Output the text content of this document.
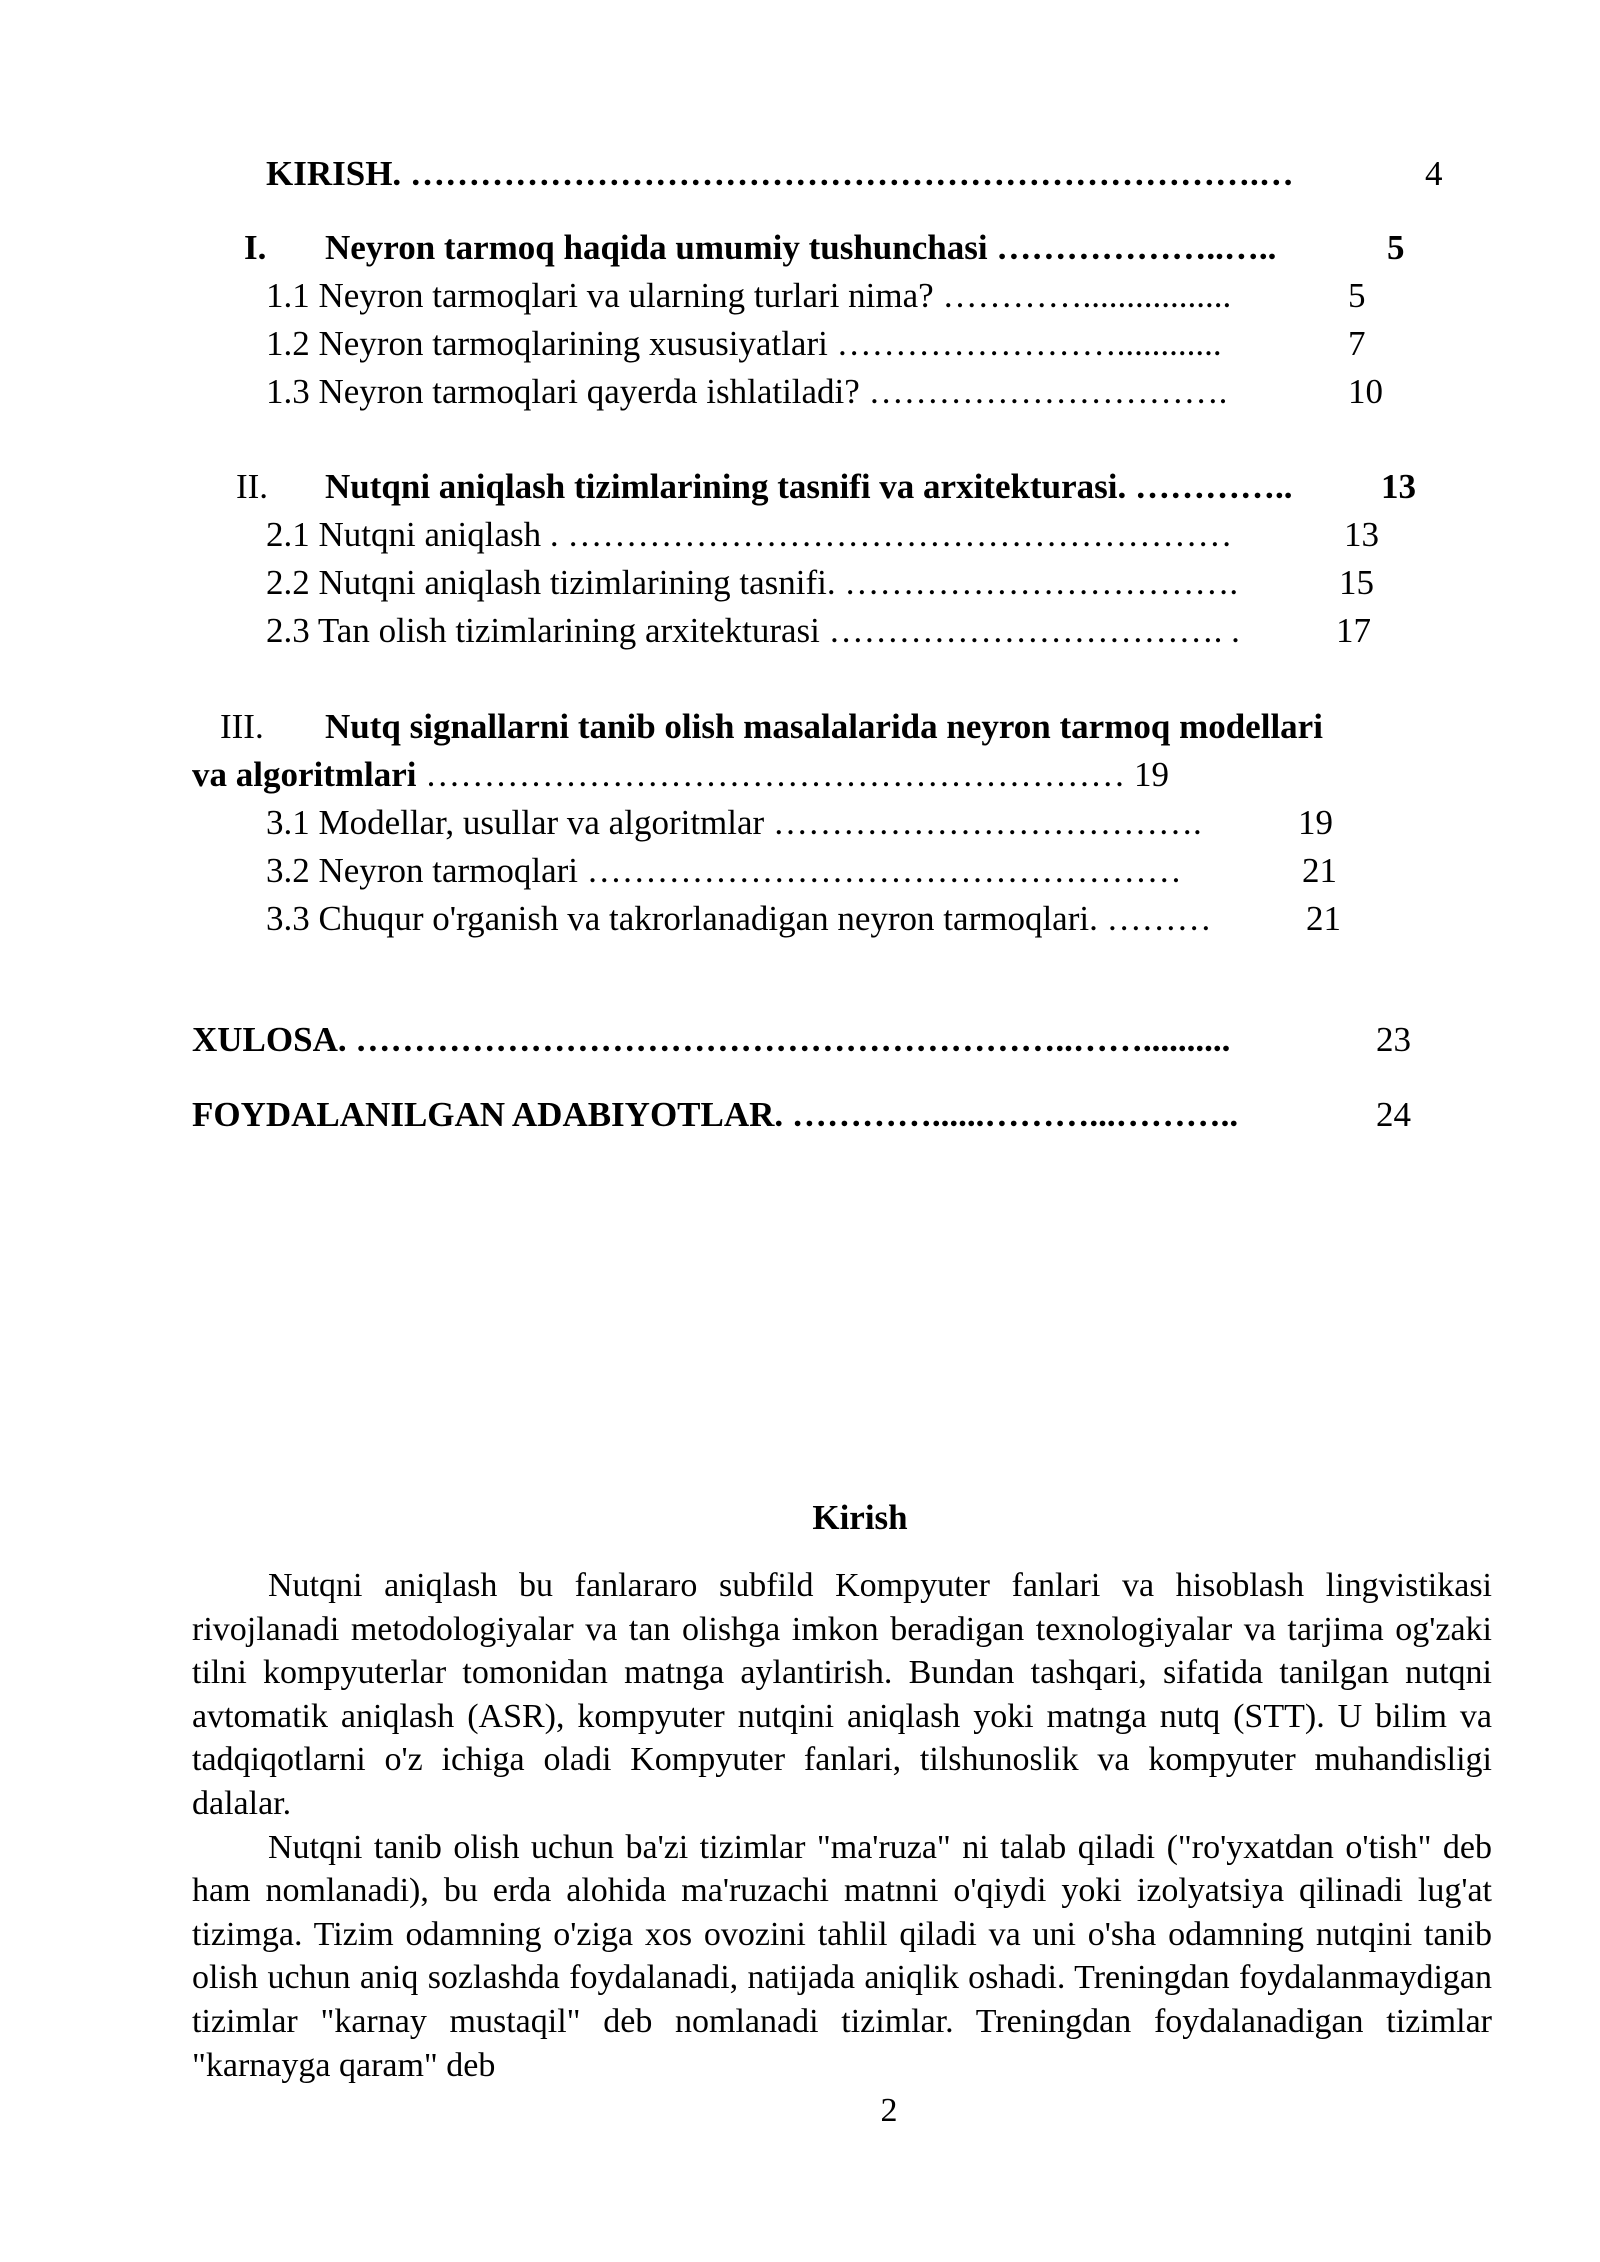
KIRISH. ……………………………………………………………….…	4
I. Neyron tarmoq haqida umumiy tushunchasi ………………..…..	5
1.1 Neyron tarmoqlari va ularning turlari nima? ………….................	5
1.2 Neyron tarmoqlarining xususiyatlari ……………………............	7
1.3 Neyron tarmoqlari qayerda ishlatiladi? ………………………….	10
II. Nutqni aniqlash tizimlarining tasnifi va arxitekturasi. …………..	13
2.1 Nutqni aniqlash . …………………………………………………	13
2.2 Nutqni aniqlash tizimlarining tasnifi. …………………………….	15
2.3 Tan olish tizimlarining arxitekturasi ……………………………. .	17
III. Nutq signallarni tanib olish masalalarida neyron tarmoq modellari
va algoritmlari …………………………………………………… 19
3.1 Modellar, usullar va algoritmlar ……………………………….	19
3.2 Neyron tarmoqlari ……………………………………………	21
3.3 Chuqur o'rganish va takrorlanadigan neyron tarmoqlari. ………	21
XULOSA. ……………………………………………………..……..........	23
FOYDALANILGAN ADABIYOTLAR. …………......………...………..	24
Kirish

Nutqni aniqlash bu fanlararo subfild Kompyuter fanlari va hisoblash lingvistikasi rivojlanadi metodologiyalar va tan olishga imkon beradigan texnologiyalar va tarjima og'zaki tilni kompyuterlar tomonidan matnga aylantirish. Bundan tashqari, sifatida tanilgan nutqni avtomatik aniqlash (ASR), kompyuter nutqini aniqlash yoki matnga nutq (STT). U bilim va tadqiqotlarni o'z ichiga oladi Kompyuter fanlari, tilshunoslik va kompyuter muhandisligi dalalar.

Nutqni tanib olish uchun ba'zi tizimlar "ma'ruza" ni talab qiladi ("ro'yxatdan o'tish" deb ham nomlanadi), bu erda alohida ma'ruzachi matnni o'qiydi yoki izolyatsiya qilinadi lug'at tizimga. Tizim odamning o'ziga xos ovozini tahlil qiladi va uni o'sha odamning nutqini tanib olish uchun aniq sozlashda foydalanadi, natijada aniqlik oshadi. Treningdan foydalanmaydigan tizimlar "karnay mustaqil" deb nomlanadi tizimlar. Treningdan foydalanadigan tizimlar "karnayga qaram" deb

2
